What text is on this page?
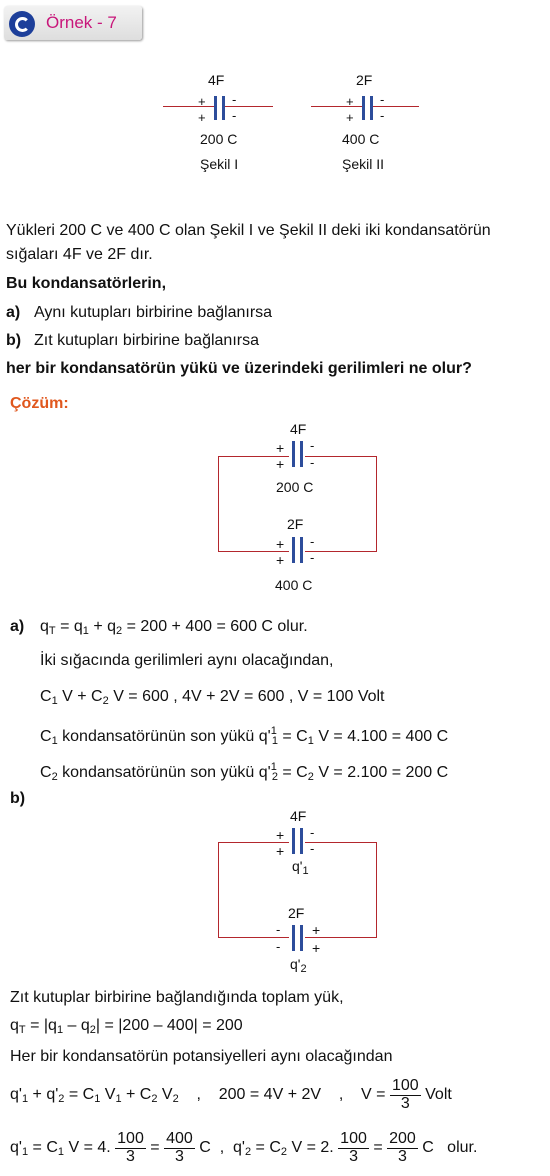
Örnek - 7
4F
+
+
-
-
200 C
Şekil I
2F
+
+
-
-
400 C
Şekil II
Yükleri 200 C ve 400 C olan Şekil I ve Şekil II deki iki kondansatörün
sığaları 4F ve 2F dır.
Bu kondansatörlerin,
a) Aynı kutupları birbirine bağlanırsa
b) Zıt kutupları birbirine bağlanırsa
her bir kondansatörün yükü ve üzerindeki gerilimleri ne olur?
Çözüm:
4F
+
+
-
-
200 C
2F
+
+
-
-
400 C
a) $q_T = q_1 + q_2 = 200 + 400 = 600$ C olur.
İki sığacında gerilimleri aynı olacağından,
$C_1$ $V + C_2$ V = 600 , 4V + 2V = 600 , V = 100 Volt
$C_1$ kondansatörünün son yükü $q'^1_1 = C_1$ V = 4.100 = 400 C
$C_2$ kondansatörünün son yükü $q'^1_2 = C_2$ V = 2.100 = 200 C
b)
4F
+
+
-
-
$q'_1$
2F
-
-
+
+
$q'_2$
Zıt kutuplar birbirine bağlandığında toplam yük,
$q_T = |q_1 - q_2| = |200 - 400| = 200$
Her bir kondansatörün potansiyelleri aynı olacağından
$q'_1 + q'_2 = C_1$ $V_1 + C_2$ $V_2$ ,    200 = 4V + 2V    ,    V =
$\frac{100}{3}$
Volt
$q'_1 = C_1$ V = 4. $\frac{100}{3} = \frac{400}{3}$ C  ,  $q'_2 = C_2$ V = 2. $\frac{100}{3} = \frac{200}{3}$ C olur.
